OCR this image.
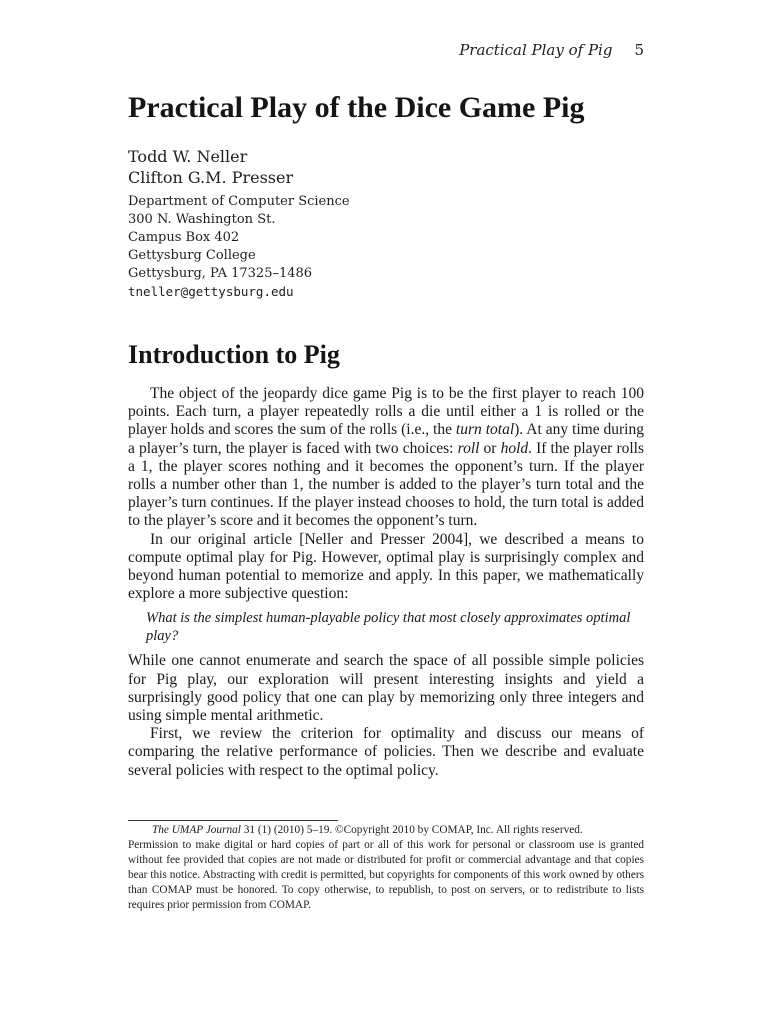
Practical Play of Pig 5
Practical Play of the Dice Game Pig
Todd W. Neller
Clifton G.M. Presser
Department of Computer Science
300 N. Washington St.
Campus Box 402
Gettysburg College
Gettysburg, PA 17325–1486
tneller@gettysburg.edu
Introduction to Pig

The object of the jeopardy dice game Pig is to be the first player to reach 100 points. Each turn, a player repeatedly rolls a die until either a 1 is rolled or the player holds and scores the sum of the rolls (i.e., the turn total). At any time during a player’s turn, the player is faced with two choices: roll or hold. If the player rolls a 1, the player scores nothing and it becomes the opponent’s turn. If the player rolls a number other than 1, the number is added to the player’s turn total and the player’s turn continues. If the player instead chooses to hold, the turn total is added to the player’s score and it becomes the opponent’s turn.

In our original article [Neller and Presser 2004], we described a means to compute optimal play for Pig. However, optimal play is surprisingly complex and beyond human potential to memorize and apply. In this paper, we mathematically explore a more subjective question:

What is the simplest human-playable policy that most closely approximates optimal play?

While one cannot enumerate and search the space of all possible simple policies for Pig play, our exploration will present interesting insights and yield a surprisingly good policy that one can play by memorizing only three integers and using simple mental arithmetic.

First, we review the criterion for optimality and discuss our means of comparing the relative performance of policies. Then we describe and evaluate several policies with respect to the optimal policy.

The UMAP Journal 31 (1) (2010) 5–19. ©Copyright 2010 by COMAP, Inc. All rights reserved.
Permission to make digital or hard copies of part or all of this work for personal or classroom use is granted without fee provided that copies are not made or distributed for profit or commercial advantage and that copies bear this notice. Abstracting with credit is permitted, but copyrights for components of this work owned by others than COMAP must be honored. To copy otherwise, to republish, to post on servers, or to redistribute to lists requires prior permission from COMAP.
